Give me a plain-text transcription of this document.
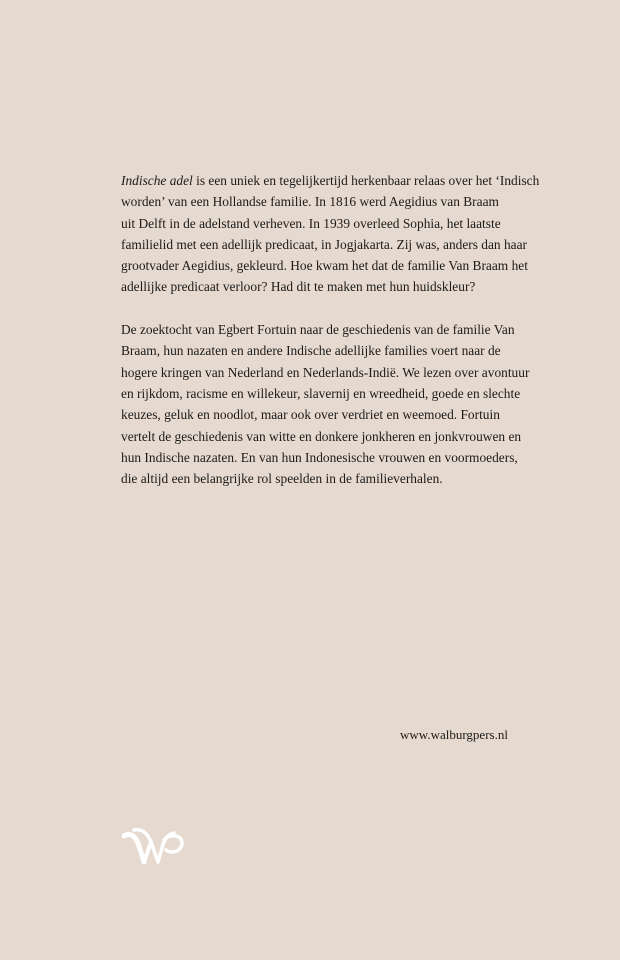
Indische adel is een uniek en tegelijkertijd herkenbaar relaas over het ‘Indisch
worden’ van een Hollandse familie. In 1816 werd Aegidius van Braam
uit Delft in de adelstand verheven. In 1939 overleed Sophia, het laatste
familielid met een adellijk predicaat, in Jogjakarta. Zij was, anders dan haar
grootvader Aegidius, gekleurd. Hoe kwam het dat de familie Van Braam het
adellijke predicaat verloor? Had dit te maken met hun huidskleur?

De zoektocht van Egbert Fortuin naar de geschiedenis van de familie Van
Braam, hun nazaten en andere Indische adellijke families voert naar de
hogere kringen van Nederland en Nederlands-Indië. We lezen over avontuur
en rijkdom, racisme en willekeur, slavernij en wreedheid, goede en slechte
keuzes, geluk en noodlot, maar ook over verdriet en weemoed. Fortuin
vertelt de geschiedenis van witte en donkere jonkheren en jonkvrouwen en
hun Indische nazaten. En van hun Indonesische vrouwen en voormoeders,
die altijd een belangrijke rol speelden in de familieverhalen.

www.walburgpers.nl
